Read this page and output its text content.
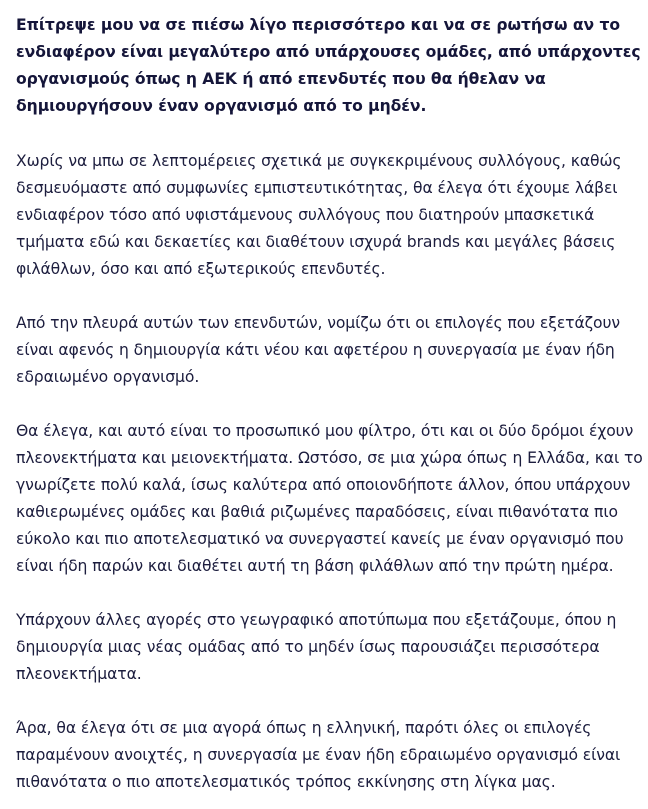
Επίτρεψε μου να σε πιέσω λίγο περισσότερο και να σε ρωτήσω αν το ενδιαφέρον είναι μεγαλύτερο από υπάρχουσες ομάδες, από υπάρχοντες οργανισμούς όπως η ΑΕΚ ή από επενδυτές που θα ήθελαν να δημιουργήσουν έναν οργανισμό από το μηδέν.

Χωρίς να μπω σε λεπτομέρειες σχετικά με συγκεκριμένους συλλόγους, καθώς δεσμευόμαστε από συμφωνίες εμπιστευτικότητας, θα έλεγα ότι έχουμε λάβει ενδιαφέρον τόσο από υφιστάμενους συλλόγους που διατηρούν μπασκετικά τμήματα εδώ και δεκαετίες και διαθέτουν ισχυρά brands και μεγάλες βάσεις φιλάθλων, όσο και από εξωτερικούς επενδυτές.

Από την πλευρά αυτών των επενδυτών, νομίζω ότι οι επιλογές που εξετάζουν είναι αφενός η δημιουργία κάτι νέου και αφετέρου η συνεργασία με έναν ήδη εδραιωμένο οργανισμό.

Θα έλεγα, και αυτό είναι το προσωπικό μου φίλτρο, ότι και οι δύο δρόμοι έχουν πλεονεκτήματα και μειονεκτήματα. Ωστόσο, σε μια χώρα όπως η Ελλάδα, και το γνωρίζετε πολύ καλά, ίσως καλύτερα από οποιονδήποτε άλλον, όπου υπάρχουν καθιερωμένες ομάδες και βαθιά ριζωμένες παραδόσεις, είναι πιθανότατα πιο εύκολο και πιο αποτελεσματικό να συνεργαστεί κανείς με έναν οργανισμό που είναι ήδη παρών και διαθέτει αυτή τη βάση φιλάθλων από την πρώτη ημέρα.

Υπάρχουν άλλες αγορές στο γεωγραφικό αποτύπωμα που εξετάζουμε, όπου η δημιουργία μιας νέας ομάδας από το μηδέν ίσως παρουσιάζει περισσότερα πλεονεκτήματα.

Άρα, θα έλεγα ότι σε μια αγορά όπως η ελληνική, παρότι όλες οι επιλογές παραμένουν ανοιχτές, η συνεργασία με έναν ήδη εδραιωμένο οργανισμό είναι πιθανότατα ο πιο αποτελεσματικός τρόπος εκκίνησης στη λίγκα μας.
